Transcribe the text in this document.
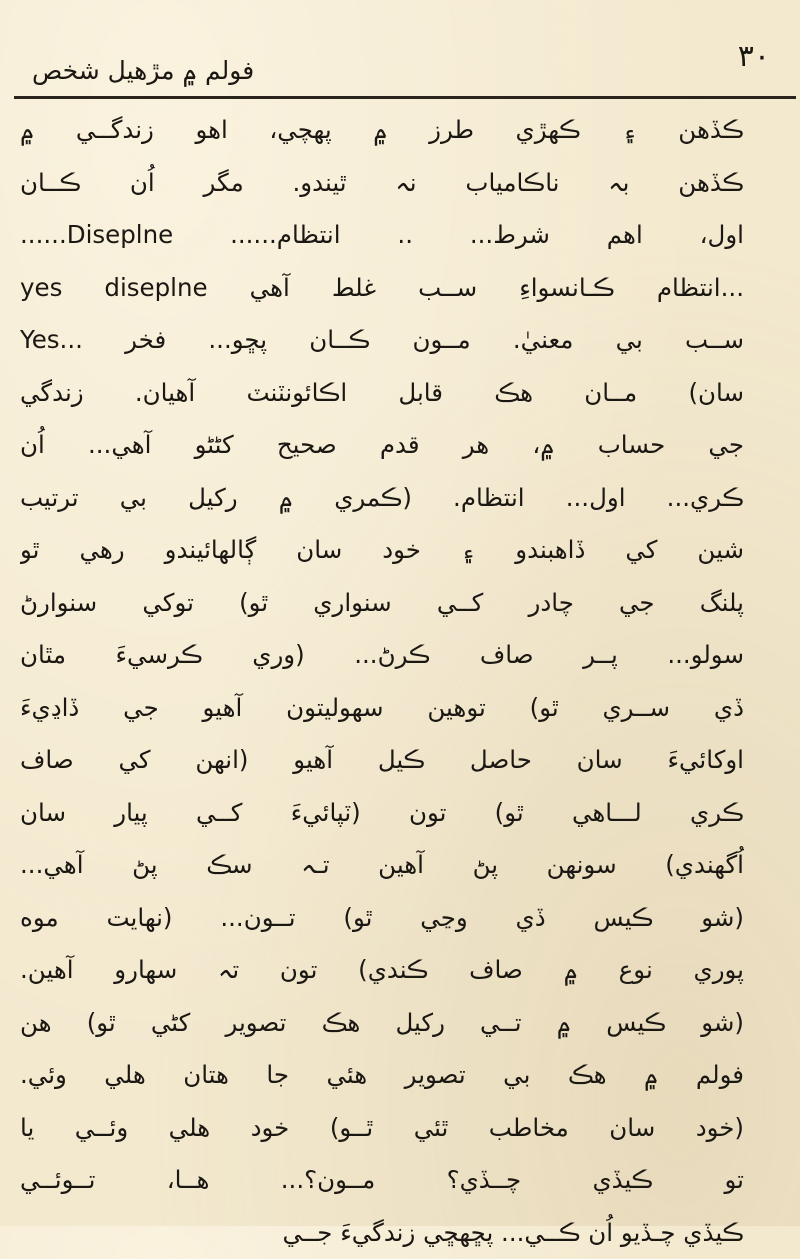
فولم ۾ مڙهيل شخص	۳۰
ڪڏهن ۽ ڪهڙي طرز ۾ پهچي، اهو زندگــي ۾
ڪڏهن بہ ناڪامياب نہ ٿيندو. مگر اُن ڪــان
اول، اهم شرط... .. انتظام...... Diseplne......
yes diseplne انتظام ڪـانسواءِ ســب غلط آهي...
Yes... ســب بي معنيٰ. مــون ڪــان پڇو... فخر
سان) مــان هڪ قابل اڪائونٽنٽ آهيان. زندگي
جي حساب ۾، هر قدم صحيح کڻڻو آهي... اُن
ڪري... اول... انتظام. (ڪمري ۾ رکيل بي ترتيب
شين کي ڏاهبندو ۽ خود سان ڳالهائيندو رهي ٿو
پلنگ جي چادر کــي سنواري ٿو) توکي سنوارڻ
سولو... پــر صاف ڪرڻ... (وري ڪرسيءَ مٿان
ڏي ســري ٿو) توهين سهوليتون آهيو جي ڏاڍيءَ
اوکائيءَ سان حاصل ڪيل آهيو (انهن کي صاف
ڪري لـــاهي ٿو) تون (ٽپائيءَ کــي پيار سان
اُگهندي) سونهن پڻ آهين تـہ سڪ پڻ آهي...
(شو ڪيس ڏي وڃي ٿو) تــون... (نهايت موه
پوري نوع ۾ صاف ڪندي) تون تہ سهارو آهين.
(شو ڪيس ۾ تــي رکيل هڪ تصوير کڻي ٿو) هن
فولم ۾ هڪ بي تصوير هئي جا هتان هلي وئي.
(خود سان مخاطب ٿئي ٿــو) خود هلي وئــي يا
تو ڪيڏي چــڏي؟ مــون؟... هــا، تــوئــي
ڪيڏي چـڏيو اُن ڪــي... پڇهڇي زندگيءَ جــي
